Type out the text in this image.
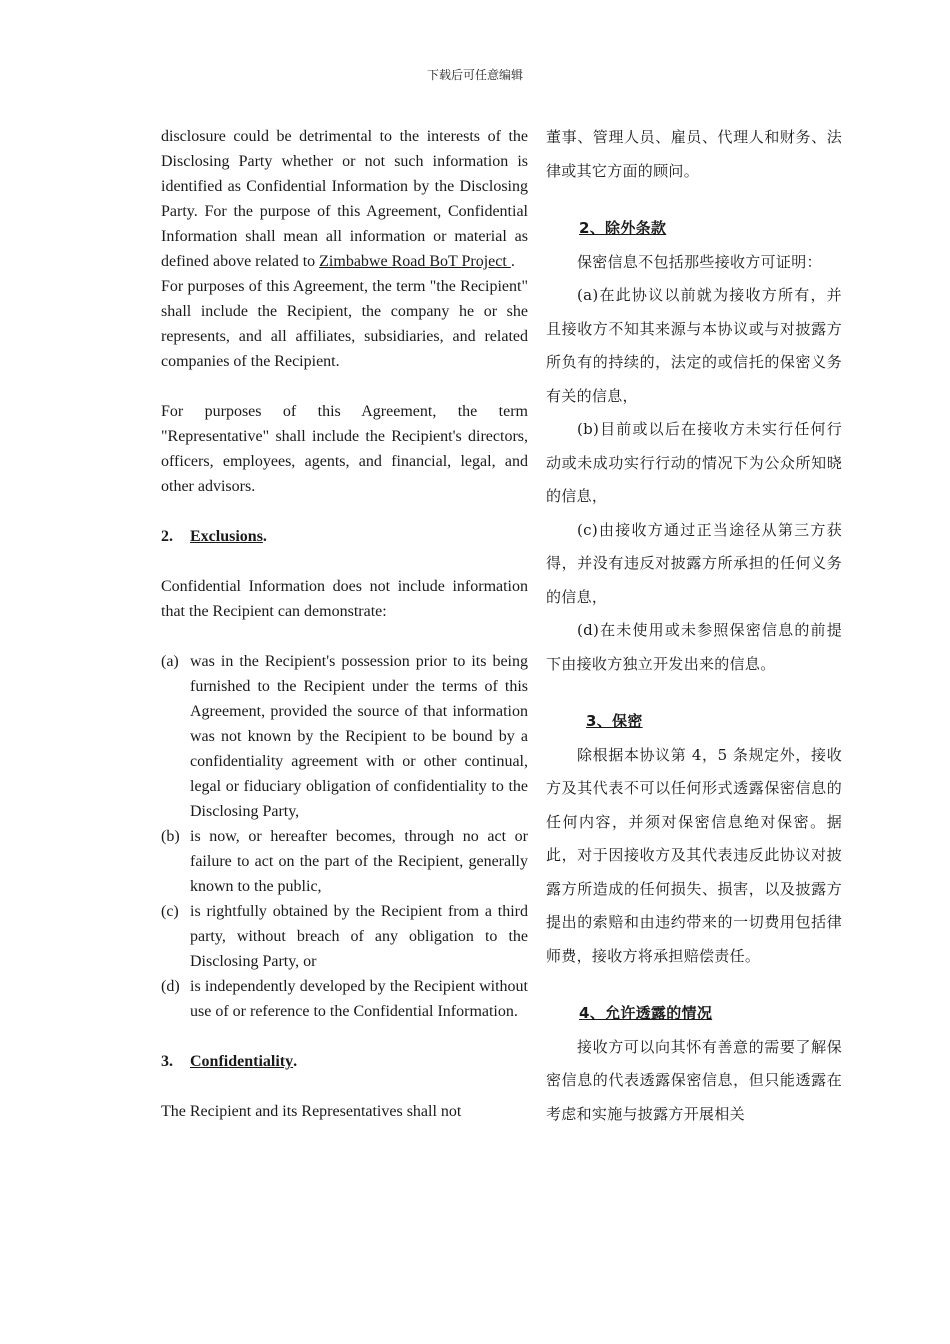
下载后可任意编辑

disclosure could be detrimental to the interests of the Disclosing Party whether or not such information is identified as Confidential Information by the Disclosing Party. For the purpose of this Agreement, Confidential Information shall mean all information or material as defined above related to Zimbabwe Road BoT Project .

For purposes of this Agreement, the term "the Recipient" shall include the Recipient, the company he or she represents, and all affiliates, subsidiaries, and related companies of the Recipient.

For purposes of this Agreement, the term "Representative" shall include the Recipient's directors, officers, employees, agents, and financial, legal, and other advisors.

2.	Exclusions .

Confidential Information does not include information that the Recipient can demonstrate:

(a) was in the Recipient's possession prior to its being furnished to the Recipient under the terms of this Agreement, provided the source of that information was not known by the Recipient to be bound by a confidentiality agreement with or other continual, legal or fiduciary obligation of confidentiality to the Disclosing Party,
(b) is now, or hereafter becomes, through no act or failure to act on the part of the Recipient, generally known to the public,
(c) is rightfully obtained by the Recipient from a third party, without breach of any obligation to the Disclosing Party, or
(d) is independently developed by the Recipient without use of or reference to the Confidential Information.
3.	Confidentiality .

The Recipient and its Representatives shall not

董事、管理人员、雇员、代理人和财务、法律或其它方面的顾问。

2、除外条款

保密信息不包括那些接收方可证明：

(a)在此协议以前就为接收方所有，并且接收方不知其来源与本协议或与对披露方所负有的持续的，法定的或信托的保密义务有关的信息，

(b)目前或以后在接收方未实行任何行动或未成功实行行动的情况下为公众所知晓的信息，

(c)由接收方通过正当途径从第三方获得，并没有违反对披露方所承担的任何义务的信息，

(d)在未使用或未参照保密信息的前提下由接收方独立开发出来的信息。

3、保密

除根据本协议第 4，5 条规定外，接收方及其代表不可以任何形式透露保密信息的任何内容，并须对保密信息绝对保密。据此，对于因接收方及其代表违反此协议对披露方所造成的任何损失、损害，以及披露方提出的索赔和由违约带来的一切费用包括律师费，接收方将承担赔偿责任。

4、允许透露的情况

接收方可以向其怀有善意的需要了解保密信息的代表透露保密信息，但只能透露在考虑和实施与披露方开展相关
